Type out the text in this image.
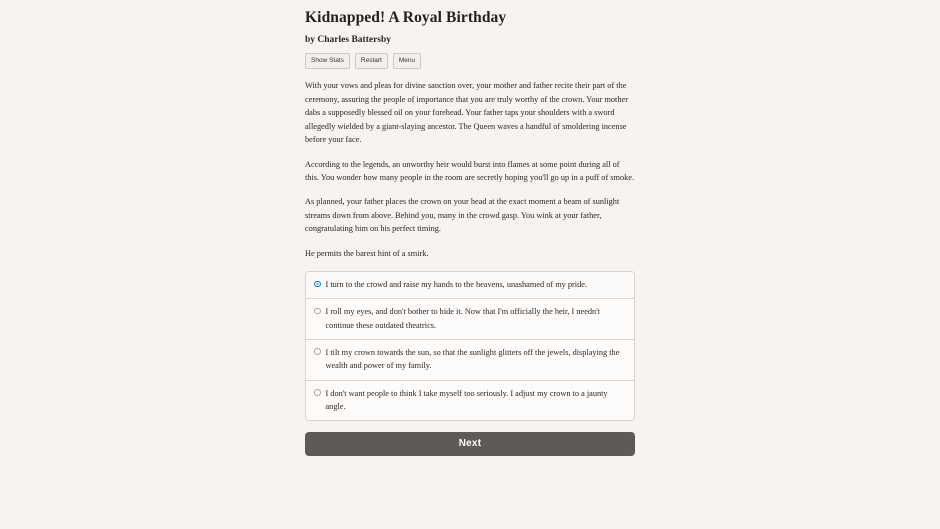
Kidnapped! A Royal Birthday
by Charles Battersby
Show Stats	Restart	Menu

With your vows and pleas for divine sanction over, your mother and father recite their part of the ceremony, assuring the people of importance that you are truly worthy of the crown. Your mother dabs a supposedly blessed oil on your forehead. Your father taps your shoulders with a sword allegedly wielded by a giant-slaying ancestor. The Queen waves a handful of smoldering incense before your face.

According to the legends, an unworthy heir would burst into flames at some point during all of this. You wonder how many people in the room are secretly hoping you'll go up in a puff of smoke.

As planned, your father places the crown on your head at the exact moment a beam of sunlight streams down from above. Behind you, many in the crowd gasp. You wink at your father, congratulating him on his perfect timing.

He permits the barest hint of a smirk.

I turn to the crowd and raise my hands to the heavens, unashamed of my pride.
I roll my eyes, and don't bother to hide it. Now that I'm officially the heir, I needn't continue these outdated theatrics.
I tilt my crown towards the sun, so that the sunlight glitters off the jewels, displaying the wealth and power of my family.
I don't want people to think I take myself too seriously. I adjust my crown to a jaunty angle.
Next
